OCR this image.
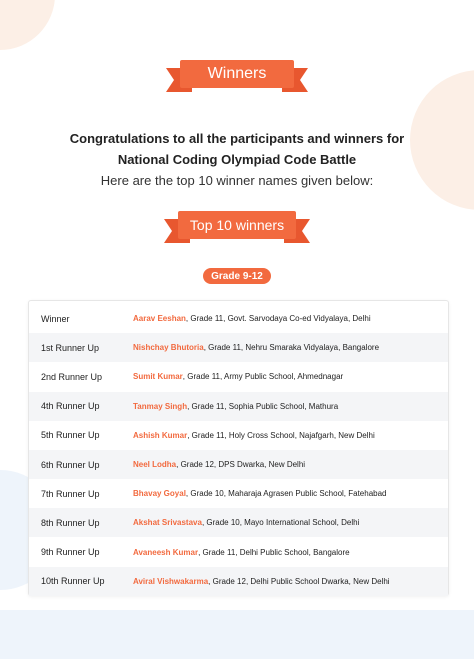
Winners
Congratulations to all the participants and winners for
National Coding Olympiad Code Battle
Here are the top 10 winner names given below:
Top 10 winners
Grade 9-12
Winner	Aarav Eeshan, Grade 11, Govt. Sarvodaya Co-ed Vidyalaya, Delhi
1st Runner Up	Nishchay Bhutoria, Grade 11, Nehru Smaraka Vidyalaya, Bangalore
2nd Runner Up	Sumit Kumar, Grade 11, Army Public School, Ahmednagar
4th Runner Up	Tanmay Singh, Grade 11, Sophia Public School, Mathura
5th Runner Up	Ashish Kumar, Grade 11, Holy Cross School, Najafgarh, New Delhi
6th Runner Up	Neel Lodha, Grade 12, DPS Dwarka, New Delhi
7th Runner Up	Bhavay Goyal, Grade 10, Maharaja Agrasen Public School, Fatehabad
8th Runner Up	Akshat Srivastava, Grade 10, Mayo International School, Delhi
9th Runner Up	Avaneesh Kumar, Grade 11, Delhi Public School, Bangalore
10th Runner Up	Aviral Vishwakarma, Grade 12, Delhi Public School Dwarka, New Delhi
